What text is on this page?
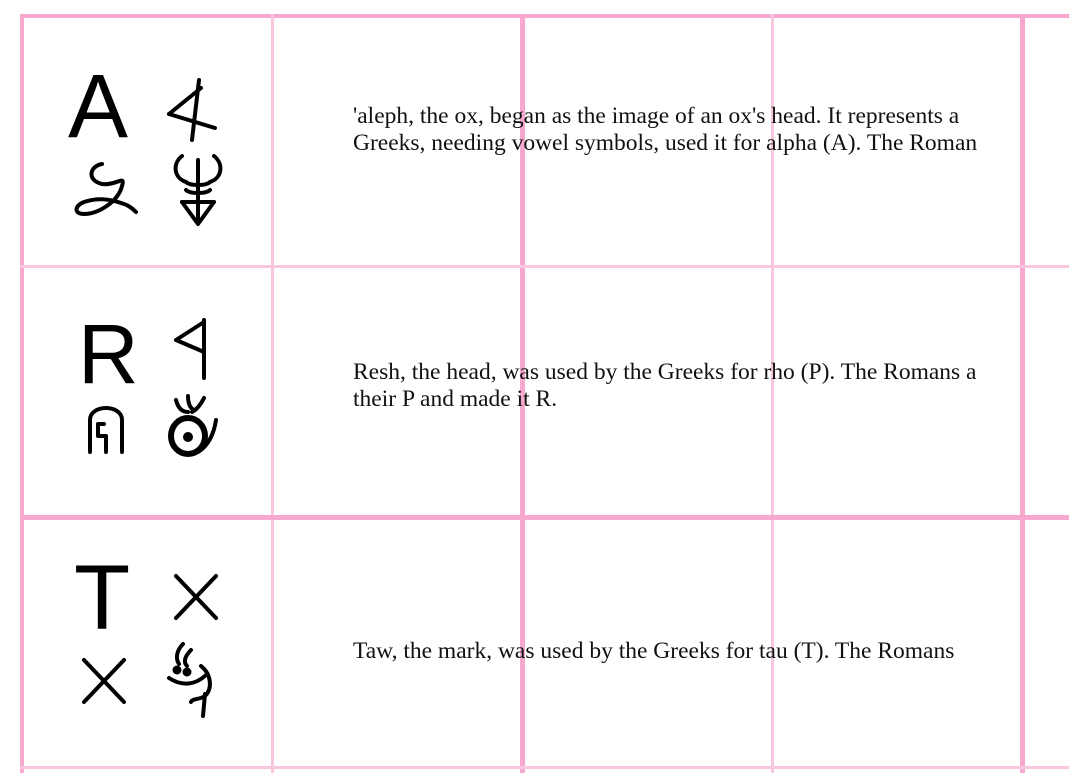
A	'aleph, the ox, began as the image of an ox's head. It represents a
Greeks, needing vowel symbols, used it for alpha (A). The Roman
R	Resh, the head, was used by the Greeks for rho (P). The Romans a
their P and made it R.
T
Taw, the mark, was used by the Greeks for tau (T). The Romans
